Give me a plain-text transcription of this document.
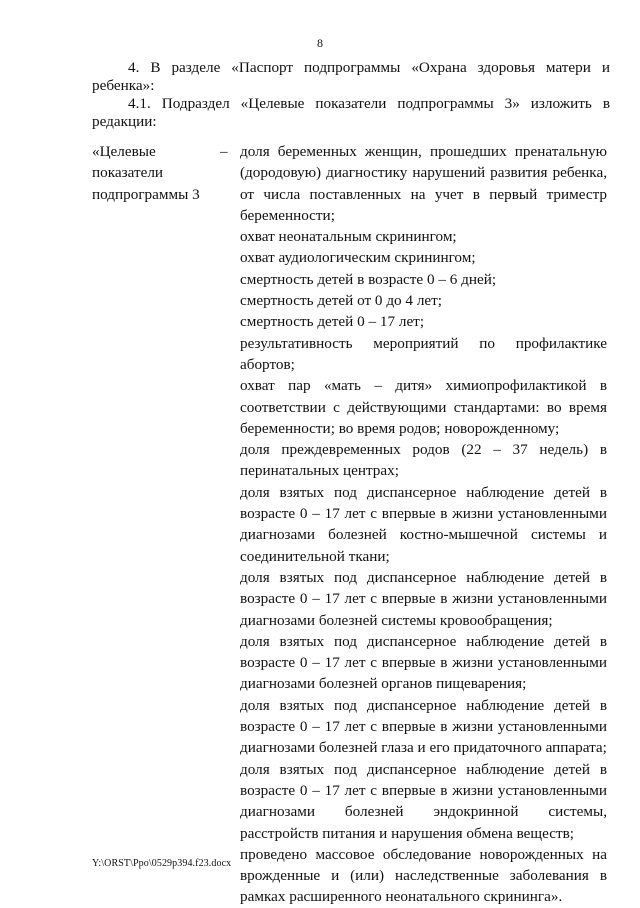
8
4. В разделе «Паспорт подпрограммы «Охрана здоровья матери и ребенка»:
4.1. Подраздел «Целевые показатели подпрограммы 3» изложить в редакции:
«Целевые
показатели
подпрограммы 3
– доля беременных женщин, прошедших пренатальную (дородовую) диагностику нарушений развития ребенка, от числа поставленных на учет в первый триместр беременности;
охват неонатальным скринингом;
охват аудиологическим скринингом;
смертность детей в возрасте 0 – 6 дней;
смертность детей от 0 до 4 лет;
смертность детей 0 – 17 лет;
результативность мероприятий по профилактике абортов;
охват пар «мать – дитя» химиопрофилактикой в соответствии с действующими стандартами: во время беременности; во время родов; новорожденному;
доля преждевременных родов (22 – 37 недель) в перинатальных центрах;
доля взятых под диспансерное наблюдение детей в возрасте 0 – 17 лет с впервые в жизни установленными диагнозами болезней костно-мышечной системы и соединительной ткани;
доля взятых под диспансерное наблюдение детей в возрасте 0 – 17 лет с впервые в жизни установленными диагнозами болезней системы кровообращения;
доля взятых под диспансерное наблюдение детей в возрасте 0 – 17 лет с впервые в жизни установленными диагнозами болезней органов пищеварения;
доля взятых под диспансерное наблюдение детей в возрасте 0 – 17 лет с впервые в жизни установленными диагнозами болезней глаза и его придаточного аппарата;
доля взятых под диспансерное наблюдение детей в возрасте 0 – 17 лет с впервые в жизни установленными диагнозами болезней эндокринной системы, расстройств питания и нарушения обмена веществ;
проведено массовое обследование новорожденных на врожденные и (или) наследственные заболевания в рамках расширенного неонатального скрининга».
Y:\ORST\Ppo\0529p394.f23.docx
